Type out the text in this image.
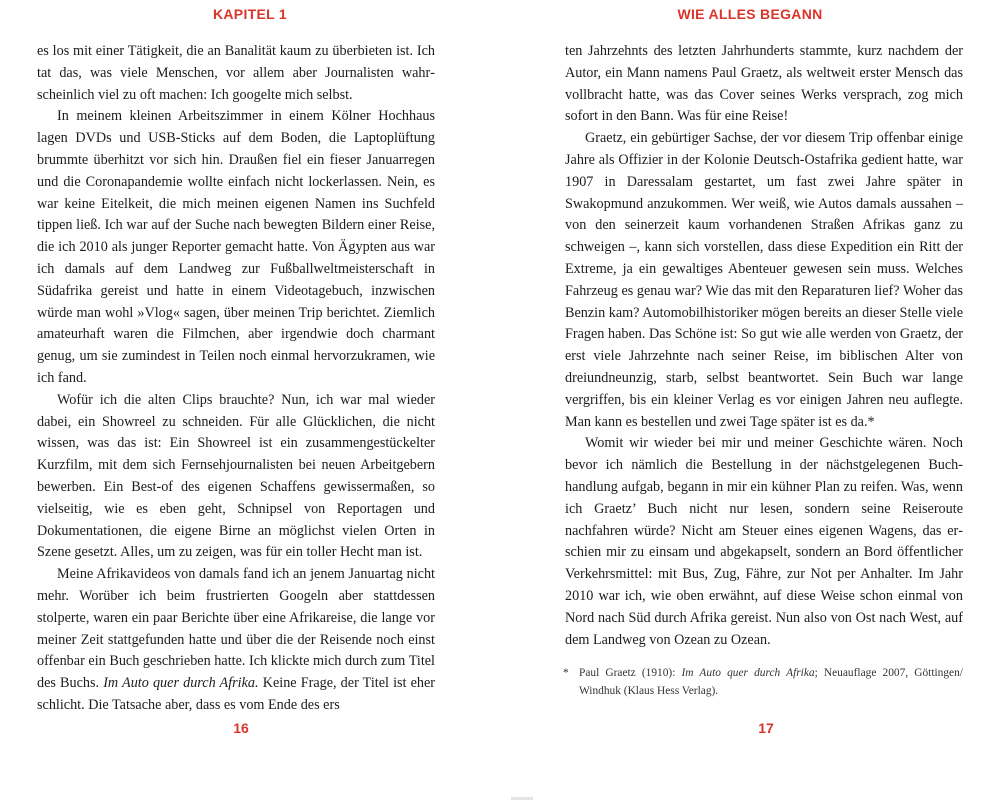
KAPITEL 1

es los mit einer Tätigkeit, die an Banalität kaum zu überbieten ist. Ich tat das, was viele Menschen, vor allem aber Journalisten wahrscheinlich viel zu oft machen: Ich googelte mich selbst.

In meinem kleinen Arbeitszimmer in einem Kölner Hochhaus lagen DVDs und USB-Sticks auf dem Boden, die Laptoplüftung brummte überhitzt vor sich hin. Draußen fiel ein fieser Januarregen und die Coronapandemie wollte einfach nicht lockerlassen. Nein, es war keine Eitelkeit, die mich meinen eigenen Namen ins Suchfeld tippen ließ. Ich war auf der Suche nach bewegten Bildern einer Reise, die ich 2010 als junger Reporter gemacht hatte. Von Ägypten aus war ich damals auf dem Landweg zur Fußballweltmeisterschaft in Südafrika gereist und hatte in einem Videotagebuch, inzwischen würde man wohl »Vlog« sagen, über meinen Trip berichtet. Ziemlich amateurhaft waren die Filmchen, aber irgendwie doch charmant genug, um sie zumindest in Teilen noch einmal hervorzukramen, wie ich fand.

Wofür ich die alten Clips brauchte? Nun, ich war mal wieder dabei, ein Showreel zu schneiden. Für alle Glücklichen, die nicht wissen, was das ist: Ein Showreel ist ein zusammengestückelter Kurzfilm, mit dem sich Fernsehjournalisten bei neuen Arbeitgebern bewerben. Ein Best-of des eigenen Schaffens gewissermaßen, so vielseitig, wie es eben geht, Schnipsel von Reportagen und Dokumentationen, die eigene Birne an möglichst vielen Orten in Szene gesetzt. Alles, um zu zeigen, was für ein toller Hecht man ist.

Meine Afrikavideos von damals fand ich an jenem Januartag nicht mehr. Worüber ich beim frustrierten Googeln aber stattdessen stolperte, waren ein paar Berichte über eine Afrikareise, die lange vor meiner Zeit stattgefunden hatte und über die der Reisende noch einst offenbar ein Buch geschrieben hatte. Ich klickte mich durch zum Titel des Buchs. Im Auto quer durch Afrika. Keine Frage, der Titel ist eher schlicht. Die Tatsache aber, dass es vom Ende des ers

16
WIE ALLES BEGANN

ten Jahrzehnts des letzten Jahrhunderts stammte, kurz nachdem der Autor, ein Mann namens Paul Graetz, als weltweit erster Mensch das vollbracht hatte, was das Cover seines Werks versprach, zog mich sofort in den Bann. Was für eine Reise!

Graetz, ein gebürtiger Sachse, der vor diesem Trip offenbar einige Jahre als Offizier in der Kolonie Deutsch-Ostafrika gedient hatte, war 1907 in Daressalam gestartet, um fast zwei Jahre später in Swakopmund anzukommen. Wer weiß, wie Autos damals aussahen – von den seinerzeit kaum vorhandenen Straßen Afrikas ganz zu schweigen –, kann sich vorstellen, dass diese Expedition ein Ritt der Extreme, ja ein gewaltiges Abenteuer gewesen sein muss. Welches Fahrzeug es genau war? Wie das mit den Reparaturen lief? Woher das Benzin kam? Automobilhistoriker mögen bereits an dieser Stelle viele Fragen haben. Das Schöne ist: So gut wie alle werden von Graetz, der erst viele Jahrzehnte nach seiner Reise, im biblischen Alter von dreiundneunzig, starb, selbst beantwortet. Sein Buch war lange vergriffen, bis ein kleiner Verlag es vor einigen Jahren neu auflegte. Man kann es bestellen und zwei Tage später ist es da.*

Womit wir wieder bei mir und meiner Geschichte wären. Noch bevor ich nämlich die Bestellung in der nächstgelegenen Buchhandlung aufgab, begann in mir ein kühner Plan zu reifen. Was, wenn ich Graetz’ Buch nicht nur lesen, sondern seine Reiseroute nachfahren würde? Nicht am Steuer eines eigenen Wagens, das erschien mir zu einsam und abgekapselt, sondern an Bord öffentlicher Verkehrsmittel: mit Bus, Zug, Fähre, zur Not per Anhalter. Im Jahr 2010 war ich, wie oben erwähnt, auf diese Weise schon einmal von Nord nach Süd durch Afrika gereist. Nun also von Ost nach West, auf dem Landweg von Ozean zu Ozean.

* Paul Graetz (1910): Im Auto quer durch Afrika; Neuauflage 2007, Göttingen/ Windhuk (Klaus Hess Verlag).
17
